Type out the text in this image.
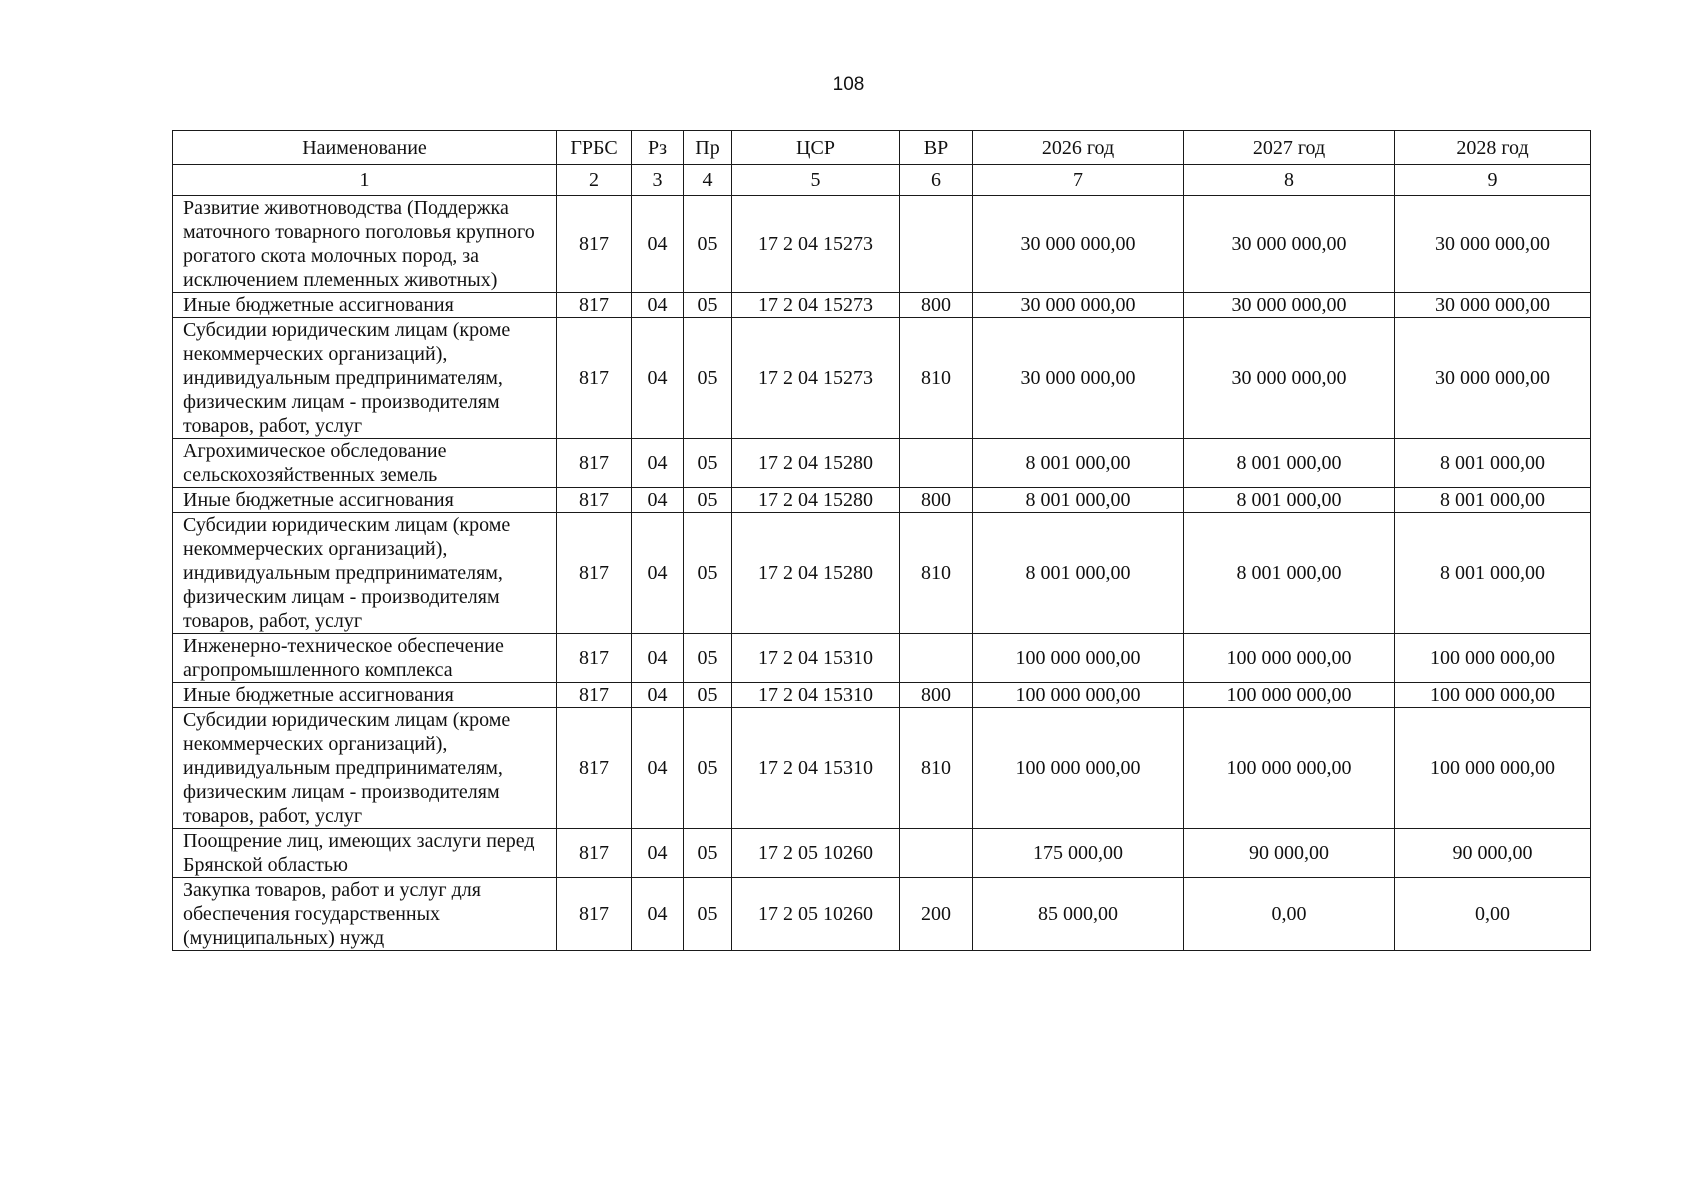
108
Наименование	ГРБС	Рз	Пр	ЦСР	ВР	2026 год	2027 год	2028 год
1	2	3	4	5	6	7	8	9
Развитие животноводства (Поддержка маточного товарного поголовья крупного рогатого скота молочных пород, за исключением племенных животных)	817	04	05	17 2 04 15273		30 000 000,00	30 000 000,00	30 000 000,00
Иные бюджетные ассигнования	817	04	05	17 2 04 15273	800	30 000 000,00	30 000 000,00	30 000 000,00
Субсидии юридическим лицам (кроме некоммерческих организаций), индивидуальным предпринимателям, физическим лицам - производителям товаров, работ, услуг	817	04	05	17 2 04 15273	810	30 000 000,00	30 000 000,00	30 000 000,00
Агрохимическое обследование сельскохозяйственных земель	817	04	05	17 2 04 15280		8 001 000,00	8 001 000,00	8 001 000,00
Иные бюджетные ассигнования	817	04	05	17 2 04 15280	800	8 001 000,00	8 001 000,00	8 001 000,00
Субсидии юридическим лицам (кроме некоммерческих организаций), индивидуальным предпринимателям, физическим лицам - производителям товаров, работ, услуг	817	04	05	17 2 04 15280	810	8 001 000,00	8 001 000,00	8 001 000,00
Инженерно-техническое обеспечение агропромышленного комплекса	817	04	05	17 2 04 15310		100 000 000,00	100 000 000,00	100 000 000,00
Иные бюджетные ассигнования	817	04	05	17 2 04 15310	800	100 000 000,00	100 000 000,00	100 000 000,00
Субсидии юридическим лицам (кроме некоммерческих организаций), индивидуальным предпринимателям, физическим лицам - производителям товаров, работ, услуг	817	04	05	17 2 04 15310	810	100 000 000,00	100 000 000,00	100 000 000,00
Поощрение лиц, имеющих заслуги перед Брянской областью	817	04	05	17 2 05 10260		175 000,00	90 000,00	90 000,00
Закупка товаров, работ и услуг для обеспечения государственных (муниципальных) нужд	817	04	05	17 2 05 10260	200	85 000,00	0,00	0,00
